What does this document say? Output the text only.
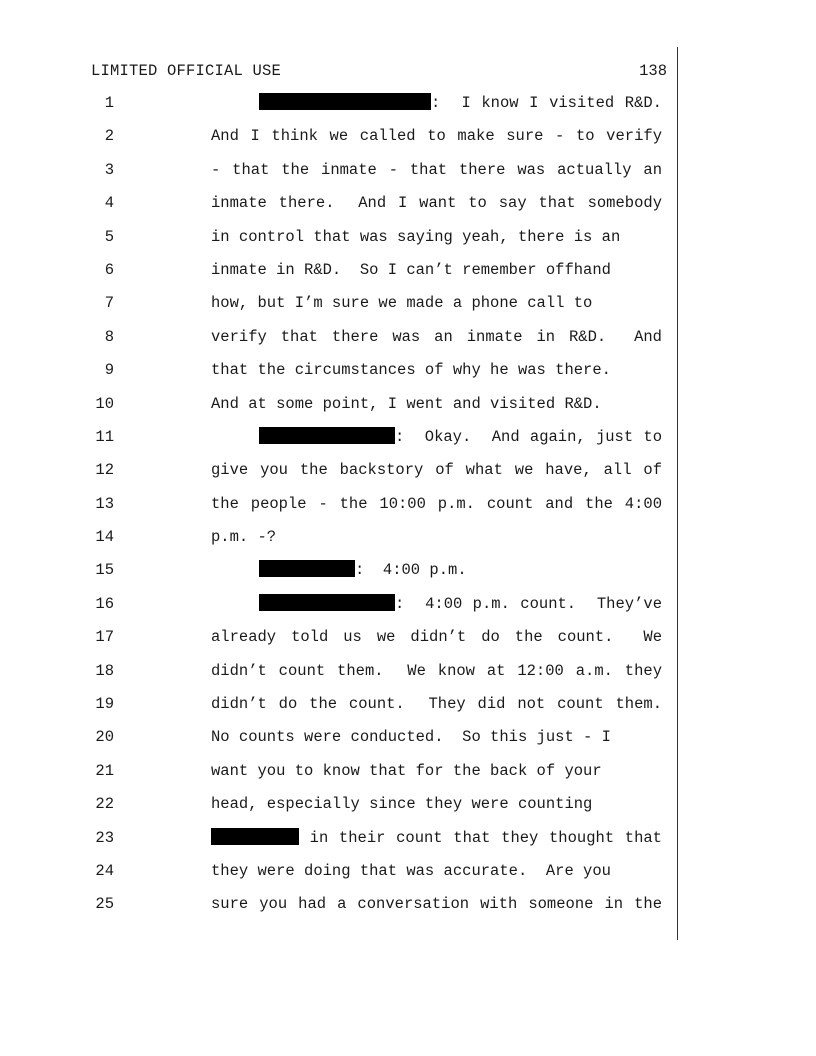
LIMITED OFFICIAL USE	138
1	:  I know I visited R&D.
2	And I think we called to make sure - to verify
3	- that the inmate - that there was actually an
4	inmate there.  And I want to say that somebody
5	in control that was saying yeah, there is an
6	inmate in R&D.  So I can’t remember offhand
7	how, but I’m sure we made a phone call to
8	verify that there was an inmate in R&D.  And
9	that the circumstances of why he was there.
10	And at some point, I went and visited R&D.
11	:  Okay.  And again, just to
12	give you the backstory of what we have, all of
13	the people - the 10:00 p.m. count and the 4:00
14	p.m. -?
15	:  4:00 p.m.
16	:  4:00 p.m. count.  They’ve
17	already told us we didn’t do the count.  We
18	didn’t count them.  We know at 12:00 a.m. they
19	didn’t do the count.  They did not count them.
20	No counts were conducted.  So this just - I
21	want you to know that for the back of your
22	head, especially since they were counting
23	in their count that they thought that
24	they were doing that was accurate.  Are you
25	sure you had a conversation with someone in the
